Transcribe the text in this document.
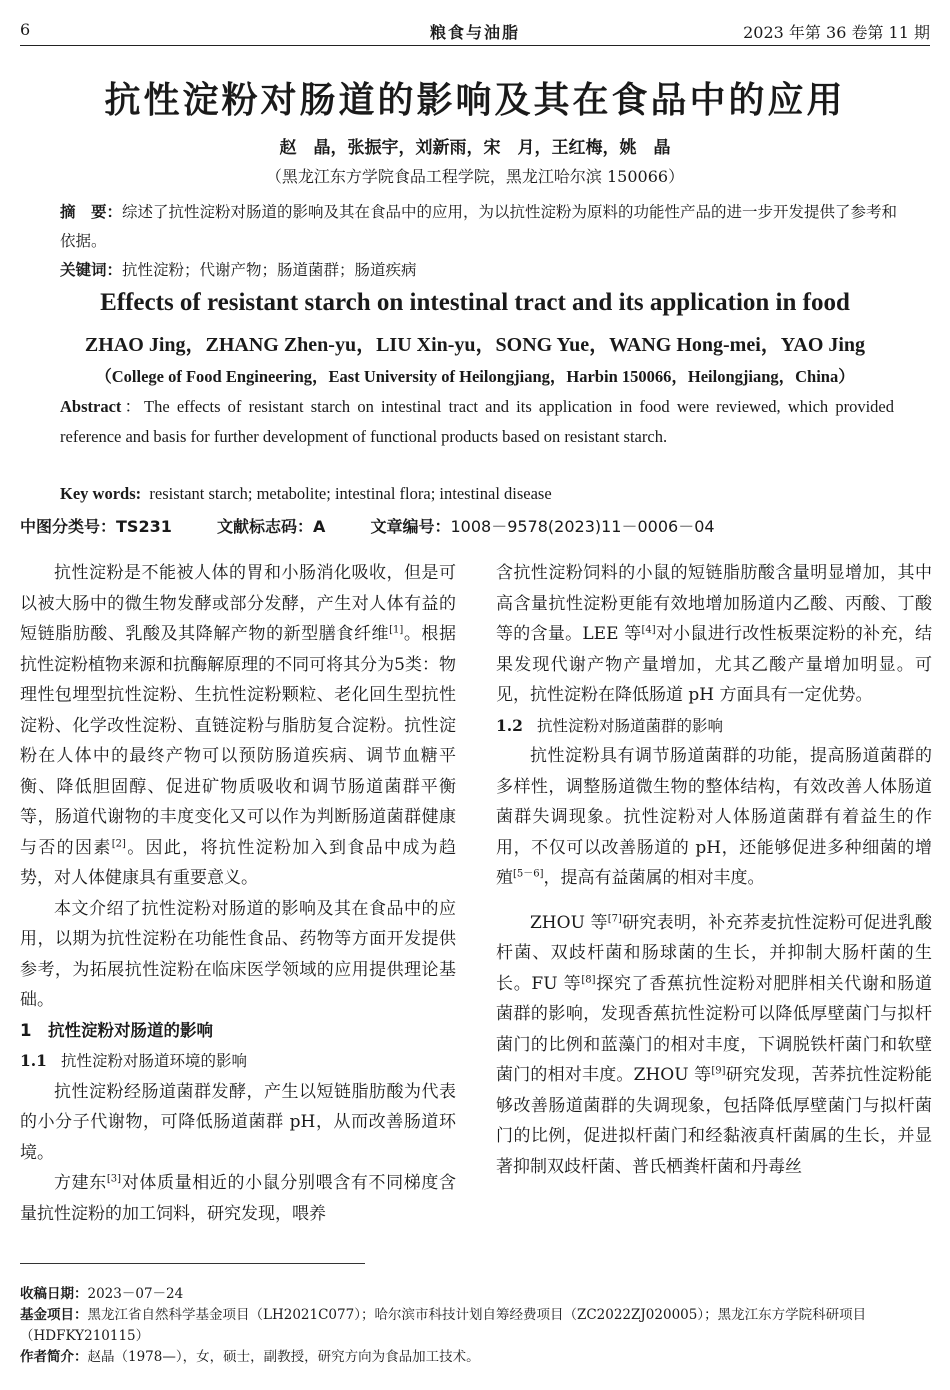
6	粮食与油脂	2023 年第 36 卷第 11 期
抗性淀粉对肠道的影响及其在食品中的应用
赵　晶，张振宇，刘新雨，宋　月，王红梅，姚　晶
（黑龙江东方学院食品工程学院，黑龙江哈尔滨 150066）
摘　要：综述了抗性淀粉对肠道的影响及其在食品中的应用，为以抗性淀粉为原料的功能性产品的进一步开发提供了参考和依据。
关键词：抗性淀粉；代谢产物；肠道菌群；肠道疾病
Effects of resistant starch on intestinal tract and its application in food
ZHAO Jing，ZHANG Zhen-yu，LIU Xin-yu，SONG Yue，WANG Hong-mei，YAO Jing
（College of Food Engineering，East University of Heilongjiang，Harbin 150066，Heilongjiang，China）
Abstract：The effects of resistant starch on intestinal tract and its application in food were reviewed, which provided reference and basis for further development of functional products based on resistant starch.
Key words: resistant starch; metabolite; intestinal flora; intestinal disease
中图分类号：TS231	文献标志码：A	文章编号：1008－9578(2023)11－0006－04

抗性淀粉是不能被人体的胃和小肠消化吸收，但是可以被大肠中的微生物发酵或部分发酵，产生对人体有益的短链脂肪酸、乳酸及其降解产物的新型膳食纤维[1]。根据抗性淀粉植物来源和抗酶解原理的不同可将其分为5类：物理性包埋型抗性淀粉、生抗性淀粉颗粒、老化回生型抗性淀粉、化学改性淀粉、直链淀粉与脂肪复合淀粉。抗性淀粉在人体中的最终产物可以预防肠道疾病、调节血糖平衡、降低胆固醇、促进矿物质吸收和调节肠道菌群平衡等，肠道代谢物的丰度变化又可以作为判断肠道菌群健康与否的因素[2]。因此，将抗性淀粉加入到食品中成为趋势，对人体健康具有重要意义。

本文介绍了抗性淀粉对肠道的影响及其在食品中的应用，以期为抗性淀粉在功能性食品、药物等方面开发提供参考，为拓展抗性淀粉在临床医学领域的应用提供理论基础。

1　抗性淀粉对肠道的影响
1.1 抗性淀粉对肠道环境的影响

抗性淀粉经肠道菌群发酵，产生以短链脂肪酸为代表的小分子代谢物，可降低肠道菌群 pH，从而改善肠道环境。

方建东[3]对体质量相近的小鼠分别喂含有不同梯度含量抗性淀粉的加工饲料，研究发现，喂养

含抗性淀粉饲料的小鼠的短链脂肪酸含量明显增加，其中高含量抗性淀粉更能有效地增加肠道内乙酸、丙酸、丁酸等的含量。LEE 等[4]对小鼠进行改性板栗淀粉的补充，结果发现代谢产物产量增加，尤其乙酸产量增加明显。可见，抗性淀粉在降低肠道 pH 方面具有一定优势。

1.2 抗性淀粉对肠道菌群的影响

抗性淀粉具有调节肠道菌群的功能，提高肠道菌群的多样性，调整肠道微生物的整体结构，有效改善人体肠道菌群失调现象。抗性淀粉对人体肠道菌群有着益生的作用，不仅可以改善肠道的 pH，还能够促进多种细菌的增殖[5－6]，提高有益菌属的相对丰度。

ZHOU 等[7]研究表明，补充荞麦抗性淀粉可促进乳酸杆菌、双歧杆菌和肠球菌的生长，并抑制大肠杆菌的生长。FU 等[8]探究了香蕉抗性淀粉对肥胖相关代谢和肠道菌群的影响，发现香蕉抗性淀粉可以降低厚壁菌门与拟杆菌门的比例和蓝藻门的相对丰度，下调脱铁杆菌门和软壁菌门的相对丰度。ZHOU 等[9]研究发现，苦荞抗性淀粉能够改善肠道菌群的失调现象，包括降低厚壁菌门与拟杆菌门的比例，促进拟杆菌门和经黏液真杆菌属的生长，并显著抑制双歧杆菌、普氏栖粪杆菌和丹毒丝

收稿日期：2023－07－24
基金项目：黑龙江省自然科学基金项目（LH2021C077）；哈尔滨市科技计划自筹经费项目（ZC2022ZJ020005）；黑龙江东方学院科研项目（HDFKY210115）
作者简介：赵晶（1978—），女，硕士，副教授，研究方向为食品加工技术。
